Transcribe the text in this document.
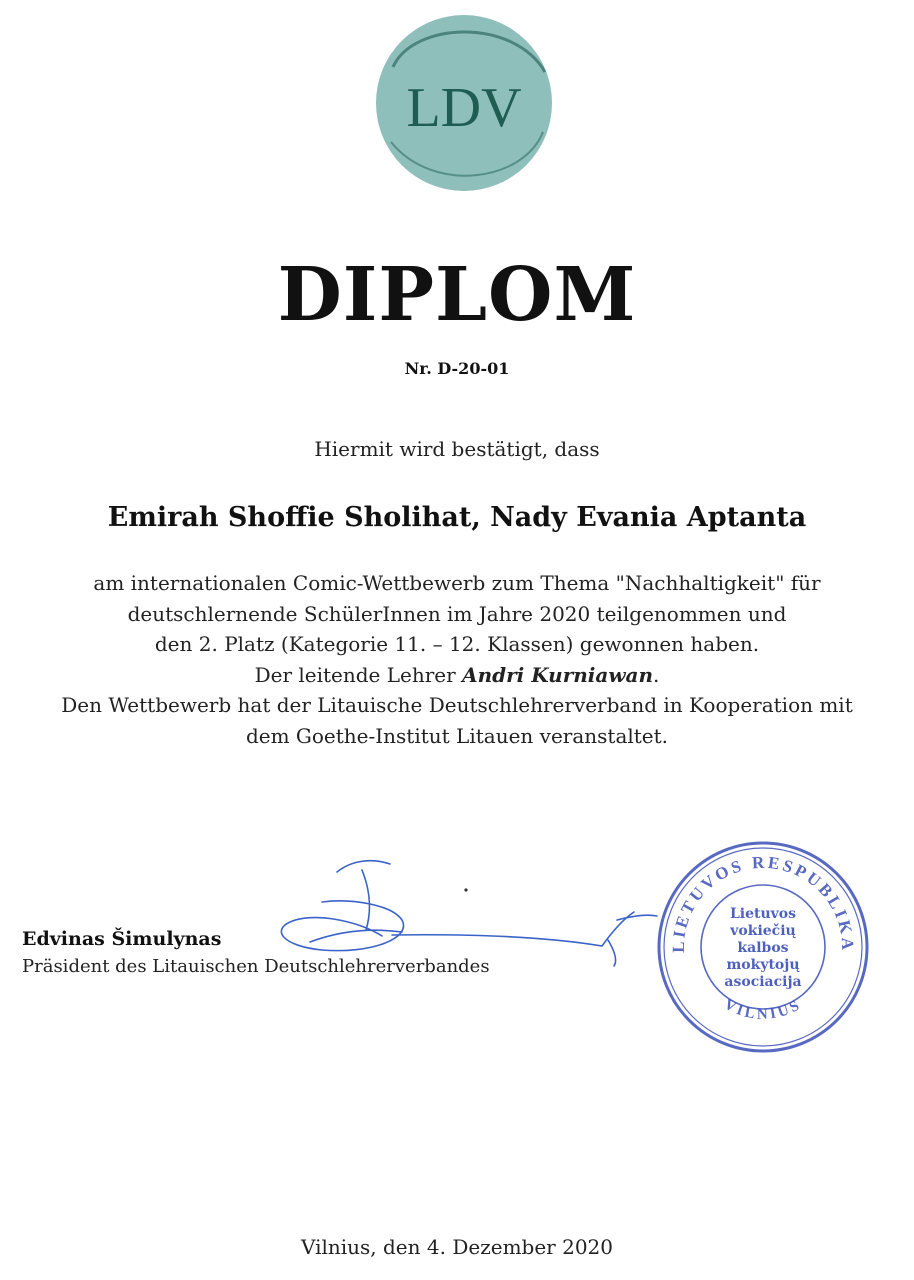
LDV
DIPLOM
Nr. D-20-01
Hiermit wird bestätigt, dass
Emirah Shoffie Sholihat, Nady Evania Aptanta
am internationalen Comic-Wettbewerb zum Thema "Nachhaltigkeit" für
deutschlernende SchülerInnen im Jahre 2020 teilgenommen und
den 2. Platz (Kategorie 11. – 12. Klassen) gewonnen haben.
Der leitende Lehrer Andri Kurniawan.
Den Wettbewerb hat der Litauische Deutschlehrerverband in Kooperation mit
dem Goethe-Institut Litauen veranstaltet.
Edvinas Šimulynas
Präsident des Litauischen Deutschlehrerverbandes
LIETUVOS RESPUBLIKA
VILNIUS
Lietuvos
vokiečių
kalbos
mokytojų
asociacija
Vilnius, den 4. Dezember 2020
